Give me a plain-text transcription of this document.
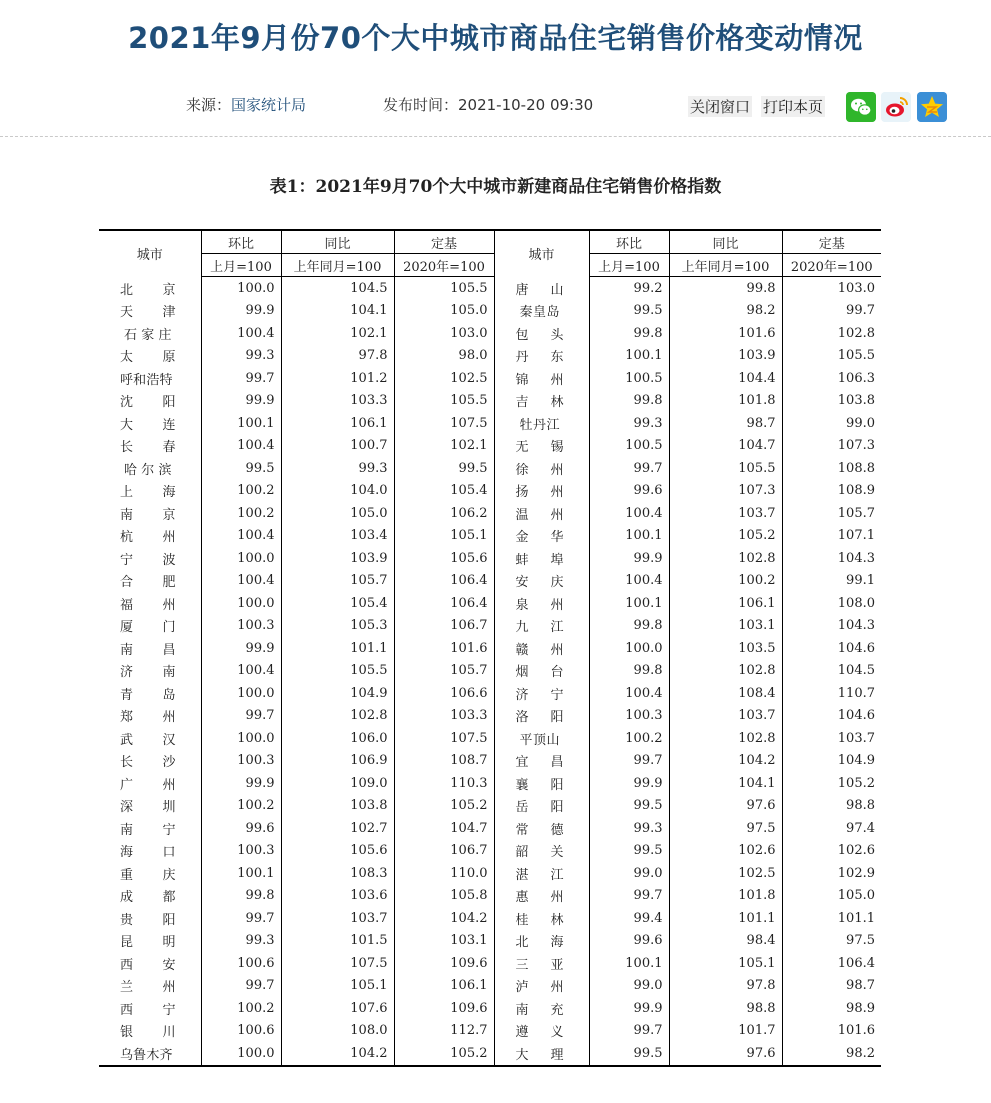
2021年9月份70个大中城市商品住宅销售价格变动情况
来源：国家统计局	发布时间：2021-10-20 09:30	关闭窗口 打印本页
表1：2021年9月70个大中城市新建商品住宅销售价格指数
城市	环比	同比	定基	城市	环比	同比	定基
	上月=100	上年同月=100	2020年=100		上月=100	上年同月=100	2020年=100
北京	100.0	104.5	105.5	唐山	99.2	99.8	103.0
天津	99.9	104.1	105.0	秦皇岛	99.5	98.2	99.7
石家庄	100.4	102.1	103.0	包头	99.8	101.6	102.8
太原	99.3	97.8	98.0	丹东	100.1	103.9	105.5
呼和浩特	99.7	101.2	102.5	锦州	100.5	104.4	106.3
沈阳	99.9	103.3	105.5	吉林	99.8	101.8	103.8
大连	100.1	106.1	107.5	牡丹江	99.3	98.7	99.0
长春	100.4	100.7	102.1	无锡	100.5	104.7	107.3
哈尔滨	99.5	99.3	99.5	徐州	99.7	105.5	108.8
上海	100.2	104.0	105.4	扬州	99.6	107.3	108.9
南京	100.2	105.0	106.2	温州	100.4	103.7	105.7
杭州	100.4	103.4	105.1	金华	100.1	105.2	107.1
宁波	100.0	103.9	105.6	蚌埠	99.9	102.8	104.3
合肥	100.4	105.7	106.4	安庆	100.4	100.2	99.1
福州	100.0	105.4	106.4	泉州	100.1	106.1	108.0
厦门	100.3	105.3	106.7	九江	99.8	103.1	104.3
南昌	99.9	101.1	101.6	赣州	100.0	103.5	104.6
济南	100.4	105.5	105.7	烟台	99.8	102.8	104.5
青岛	100.0	104.9	106.6	济宁	100.4	108.4	110.7
郑州	99.7	102.8	103.3	洛阳	100.3	103.7	104.6
武汉	100.0	106.0	107.5	平顶山	100.2	102.8	103.7
长沙	100.3	106.9	108.7	宜昌	99.7	104.2	104.9
广州	99.9	109.0	110.3	襄阳	99.9	104.1	105.2
深圳	100.2	103.8	105.2	岳阳	99.5	97.6	98.8
南宁	99.6	102.7	104.7	常德	99.3	97.5	97.4
海口	100.3	105.6	106.7	韶关	99.5	102.6	102.6
重庆	100.1	108.3	110.0	湛江	99.0	102.5	102.9
成都	99.8	103.6	105.8	惠州	99.7	101.8	105.0
贵阳	99.7	103.7	104.2	桂林	99.4	101.1	101.1
昆明	99.3	101.5	103.1	北海	99.6	98.4	97.5
西安	100.6	107.5	109.6	三亚	100.1	105.1	106.4
兰州	99.7	105.1	106.1	泸州	99.0	97.8	98.7
西宁	100.2	107.6	109.6	南充	99.9	98.8	98.9
银川	100.6	108.0	112.7	遵义	99.7	101.7	101.6
乌鲁木齐	100.0	104.2	105.2	大理	99.5	97.6	98.2
